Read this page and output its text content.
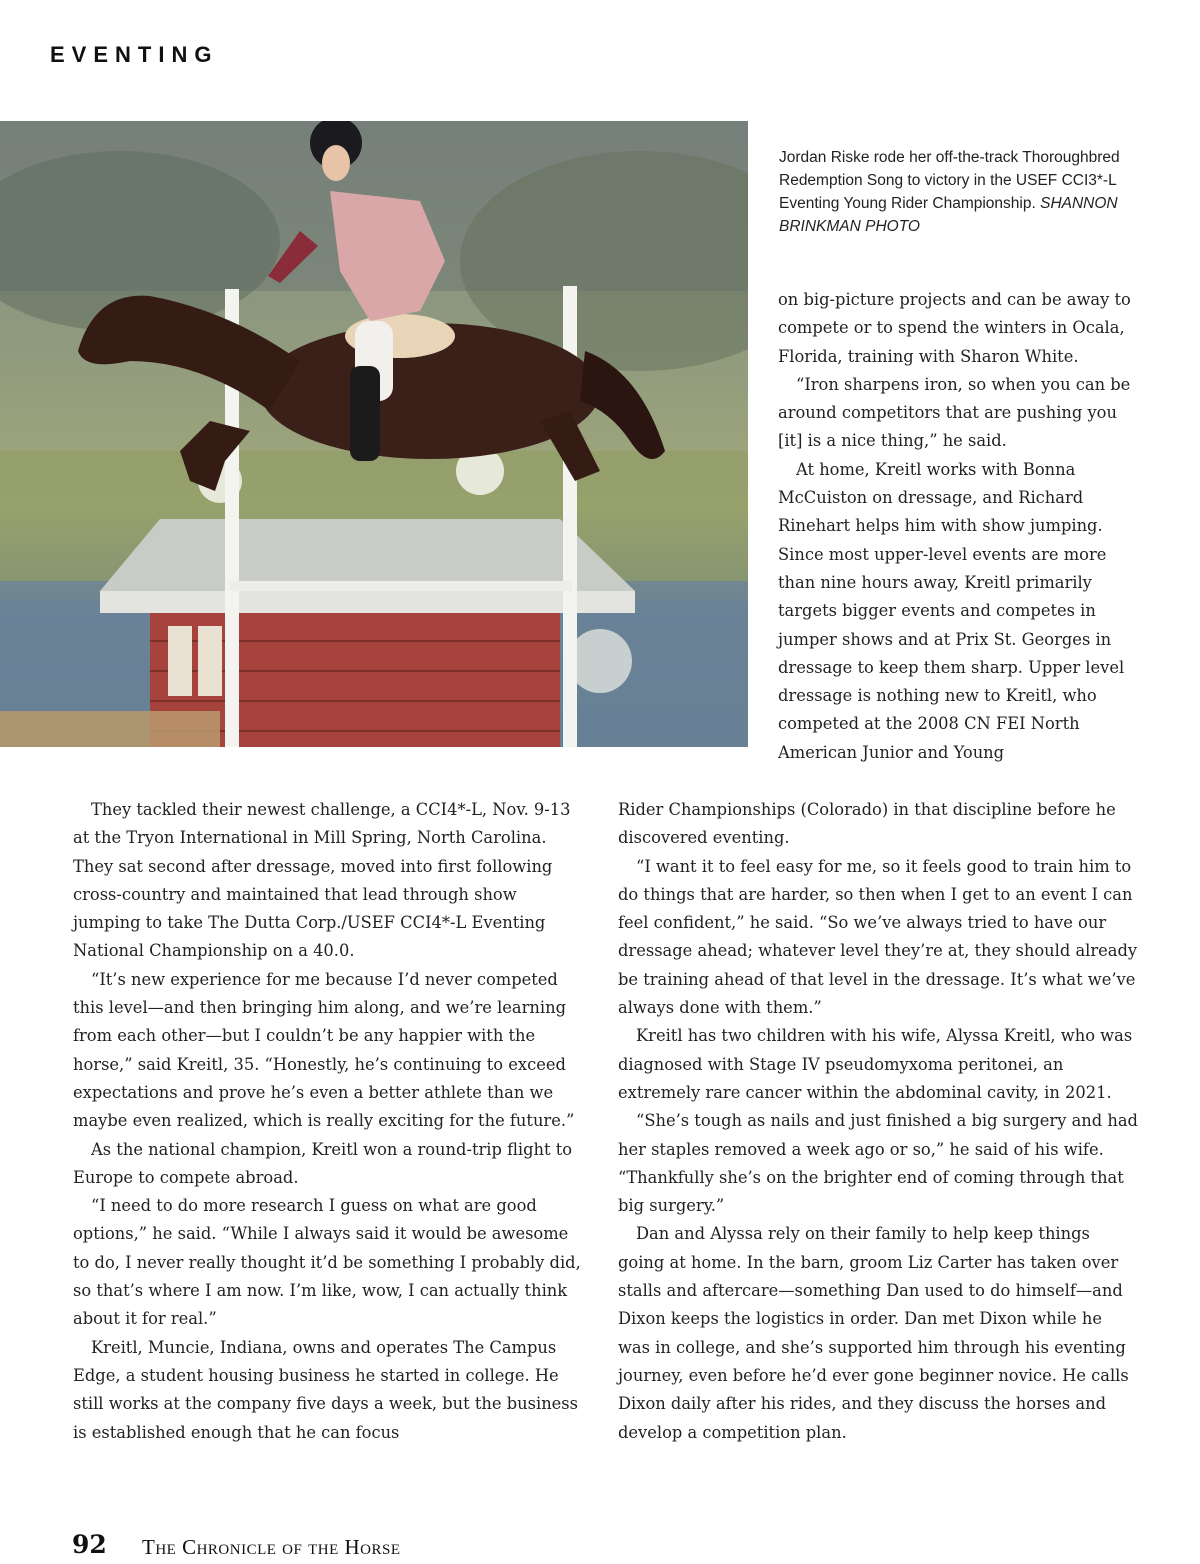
EVENTING

Jordan Riske rode her off-the-track Thoroughbred Redemption Song to victory in the USEF CCI3*-L Eventing Young Rider Championship. SHANNON BRINKMAN PHOTO

on big-picture projects and can be away to compete or to spend the winters in Ocala, Florida, training with Sharon White.

“Iron sharpens iron, so when you can be around competitors that are pushing you [it] is a nice thing,” he said.

At home, Kreitl works with Bonna McCuiston on dressage, and Richard Rinehart helps him with show jumping. Since most upper-level events are more than nine hours away, Kreitl primarily targets bigger events and competes in jumper shows and at Prix St. Georges in dressage to keep them sharp. Upper level dressage is nothing new to Kreitl, who competed at the 2008 CN FEI North American Junior and Young

They tackled their newest challenge, a CCI4*-L, Nov. 9-13 at the Tryon International in Mill Spring, North Carolina. They sat second after dressage, moved into first following cross-country and maintained that lead through show jumping to take The Dutta Corp./USEF CCI4*-L Eventing National Championship on a 40.0.

“It’s new experience for me because I’d never competed this level—and then bringing him along, and we’re learning from each other—but I couldn’t be any happier with the horse,” said Kreitl, 35. “Honestly, he’s continuing to exceed expectations and prove he’s even a better athlete than we maybe even realized, which is really exciting for the future.”

As the national champion, Kreitl won a round-trip flight to Europe to compete abroad.

“I need to do more research I guess on what are good options,” he said. “While I always said it would be awesome to do, I never really thought it’d be something I probably did, so that’s where I am now. I’m like, wow, I can actually think about it for real.”

Kreitl, Muncie, Indiana, owns and operates The Campus Edge, a student housing business he started in college. He still works at the company five days a week, but the business is established enough that he can focus

Rider Championships (Colorado) in that discipline before he discovered eventing.

“I want it to feel easy for me, so it feels good to train him to do things that are harder, so then when I get to an event I can feel confident,” he said. “So we’ve always tried to have our dressage ahead; whatever level they’re at, they should already be training ahead of that level in the dressage. It’s what we’ve always done with them.”

Kreitl has two children with his wife, Alyssa Kreitl, who was diagnosed with Stage IV pseudomyxoma peritonei, an extremely rare cancer within the abdominal cavity, in 2021.

“She’s tough as nails and just finished a big surgery and had her staples removed a week ago or so,” he said of his wife. “Thankfully she’s on the brighter end of coming through that big surgery.”

Dan and Alyssa rely on their family to help keep things going at home. In the barn, groom Liz Carter has taken over stalls and aftercare—something Dan used to do himself—and Dixon keeps the logistics in order. Dan met Dixon while he was in college, and she’s supported him through his eventing journey, even before he’d ever gone beginner novice. He calls Dixon daily after his rides, and they discuss the horses and develop a competition plan.

92 The Chronicle of the Horse
